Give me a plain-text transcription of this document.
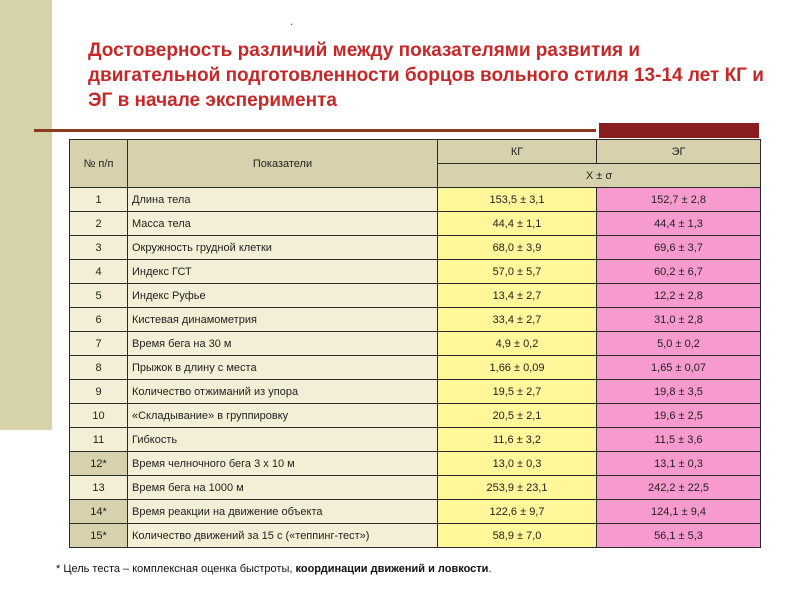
.
Достоверность различий между показателями развития и двигательной подготовленности борцов вольного стиля 13-14 лет КГ и ЭГ в начале эксперимента
№ п/п	Показатели	КГ	ЭГ
		X ± σ	
1	Длина тела	153,5 ± 3,1	152,7 ± 2,8
2	Масса тела	44,4 ± 1,1	44,4 ± 1,3
3	Окружность грудной клетки	68,0 ± 3,9	69,6 ± 3,7
4	Индекс ГСТ	57,0 ± 5,7	60,2 ± 6,7
5	Индекс Руфье	13,4 ± 2,7	12,2 ± 2,8
6	Кистевая динамометрия	33,4 ± 2,7	31,0 ± 2,8
7	Время бега на 30 м	4,9 ± 0,2	5,0 ± 0,2
8	Прыжок в длину с места	1,66 ± 0,09	1,65 ± 0,07
9	Количество отжиманий из упора	19,5 ± 2,7	19,8 ± 3,5
10	«Складывание» в группировку	20,5 ± 2,1	19,6 ± 2,5
11	Гибкость	11,6 ± 3,2	11,5 ± 3,6
12*	Время челночного бега 3 х 10 м	13,0 ± 0,3	13,1 ± 0,3
13	Время бега на 1000 м	253,9 ± 23,1	242,2 ± 22,5
14*	Время реакции на движение объекта	122,6 ± 9,7	124,1 ± 9,4
15*	Количество движений за 15 с («теппинг-тест»)	58,9 ± 7,0	56,1 ± 5,3
* Цель теста – комплексная оценка быстроты, координации движений и ловкости.
